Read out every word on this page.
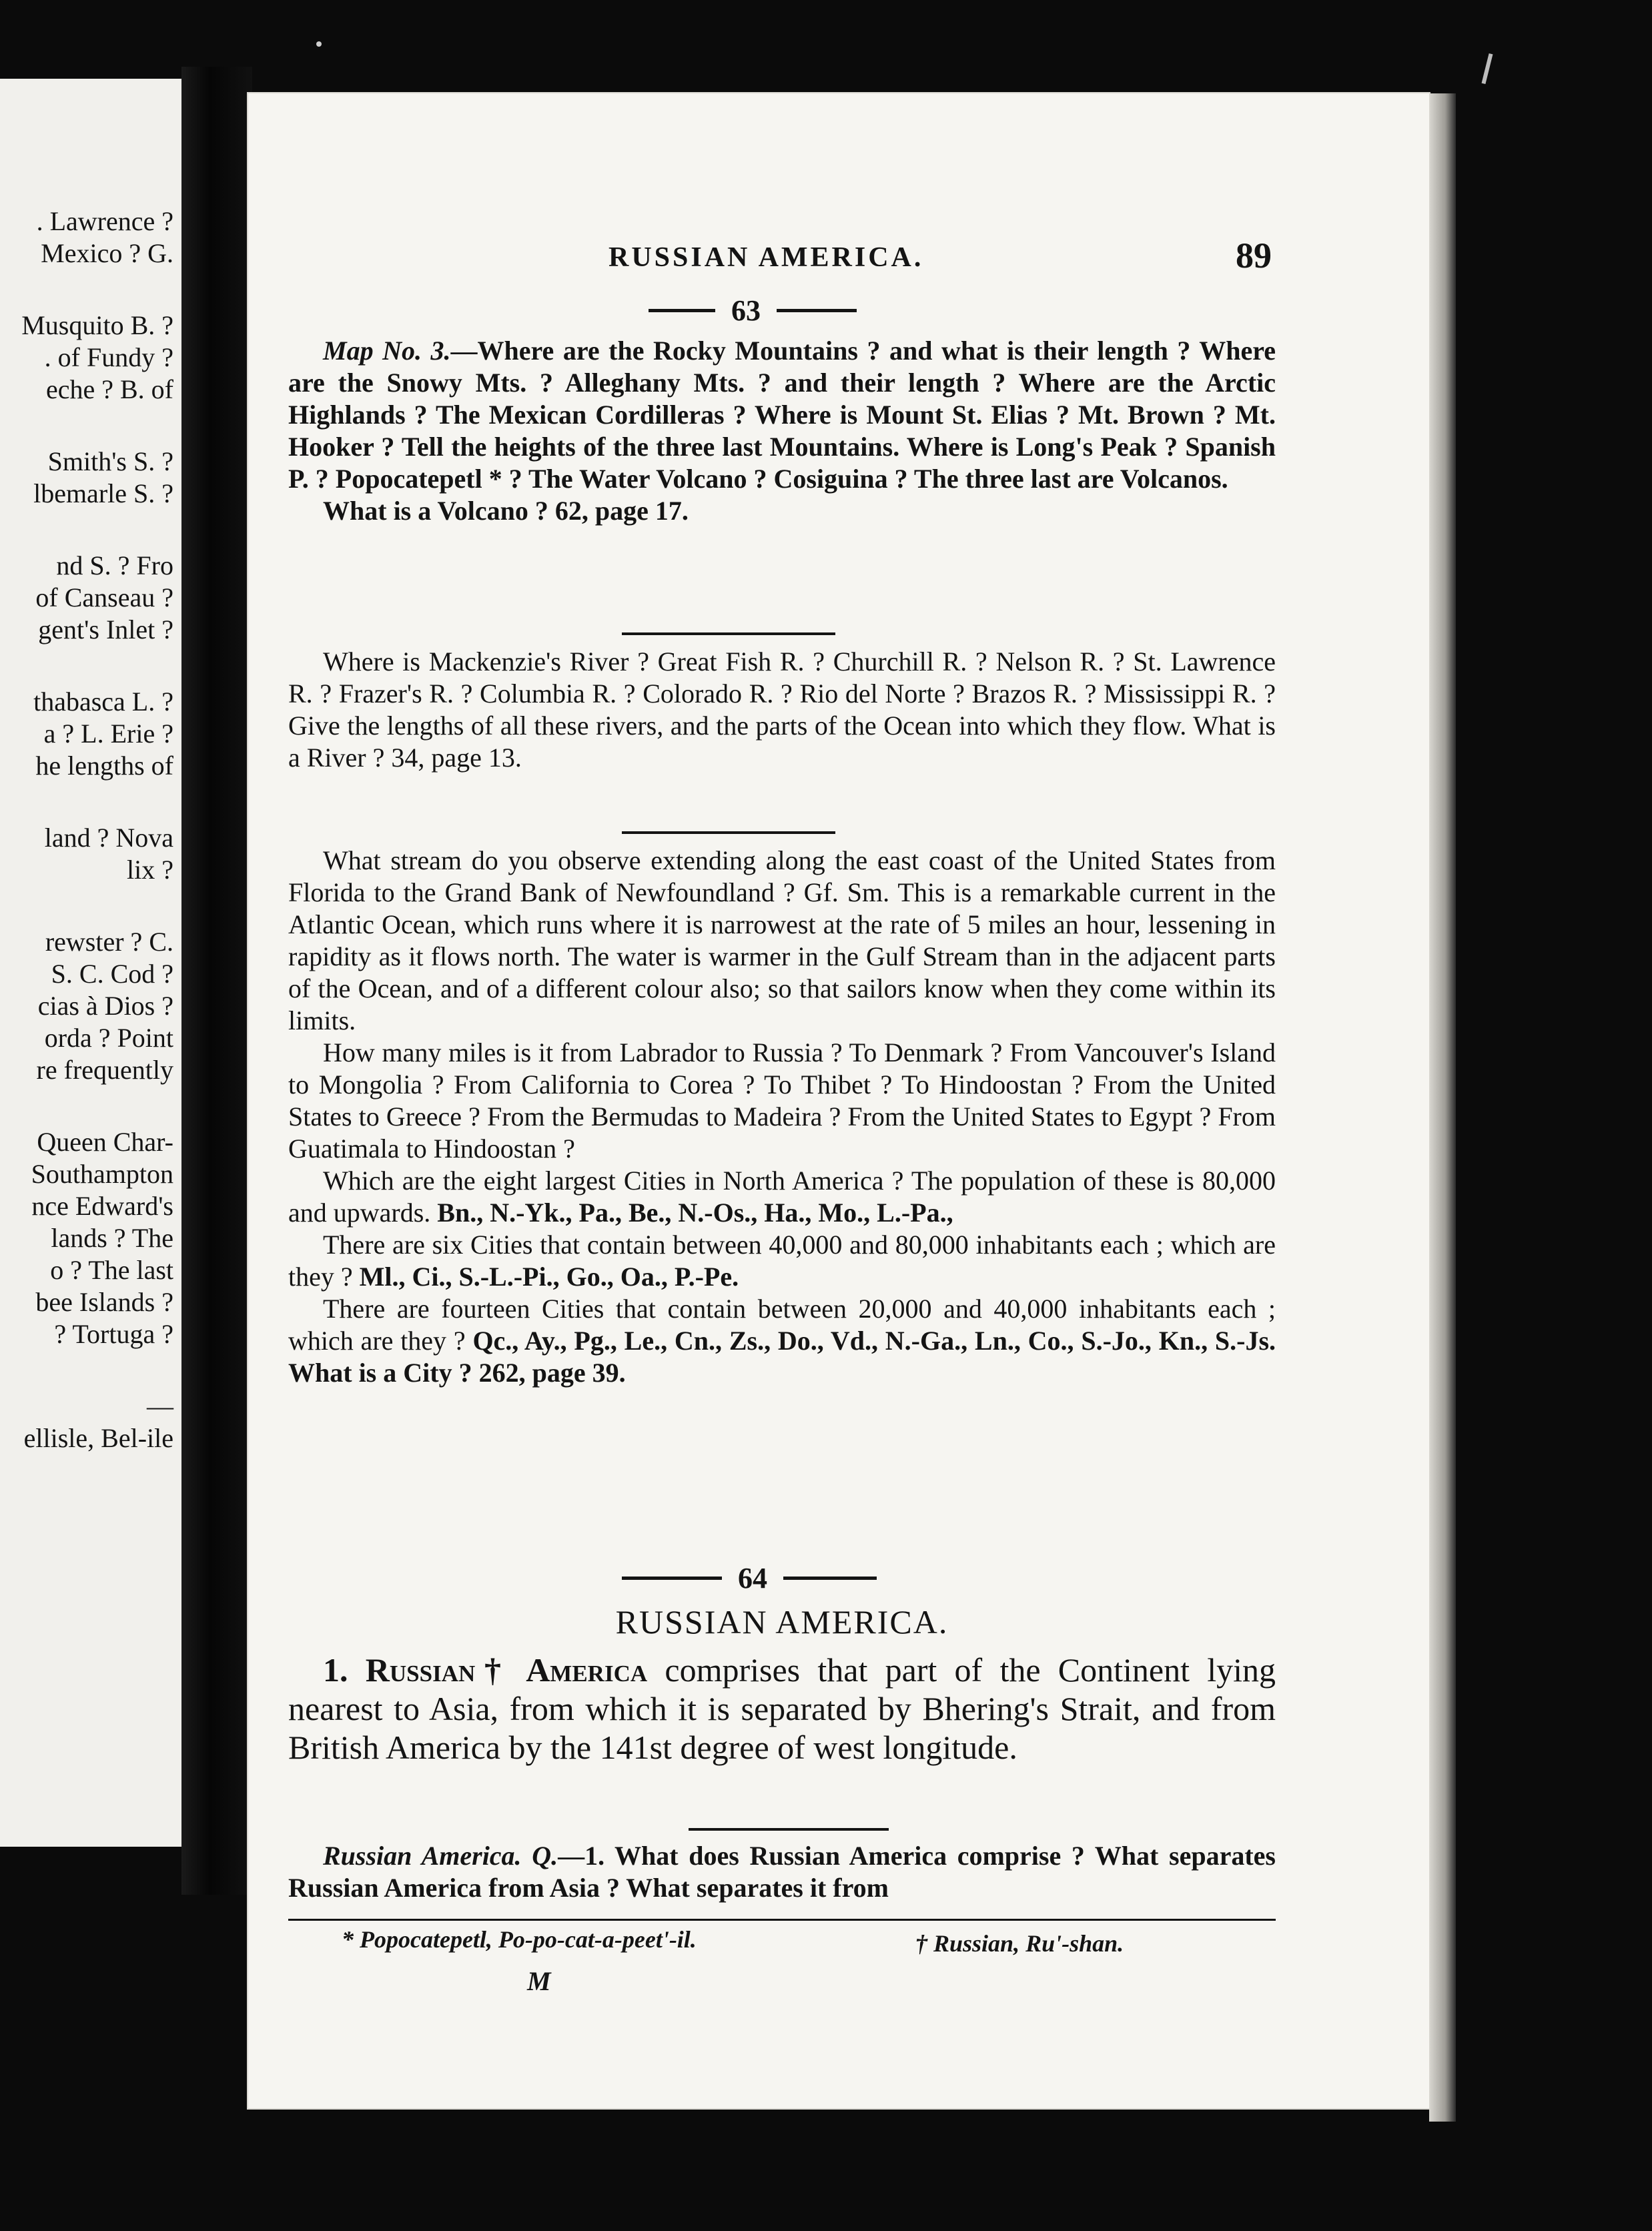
. Lawrence ?
Mexico ? G.
Musquito B. ?
. of Fundy ?
eche ? B. of
Smith's S. ?
lbemarle S. ?
nd S. ? Fro
of Canseau ?
gent's Inlet ?
thabasca L. ?
a ? L. Erie ?
he lengths of
land ? Nova
lix ?
rewster ? C.
S. C. Cod ?
cias à Dios ?
orda ? Point
re frequently
Queen Char-
Southampton
nce Edward's
lands ? The
o ? The last
bee Islands ?
? Tortuga ?
—
ellisle, Bel-ile
RUSSIAN AMERICA.	89
63

Map No. 3.—Where are the Rocky Mountains ? and what is their length ? Where are the Snowy Mts. ? Alleghany Mts. ? and their length ? Where are the Arctic Highlands ? The Mexican Cordilleras ? Where is Mount St. Elias ? Mt. Brown ? Mt. Hooker ? Tell the heights of the three last Mountains. Where is Long's Peak ? Spanish P. ? Popocatepetl * ? The Water Volcano ? Cosiguina ? The three last are Volcanos.

What is a Volcano ? 62, page 17.

Where is Mackenzie's River ? Great Fish R. ? Churchill R. ? Nelson R. ? St. Lawrence R. ? Frazer's R. ? Columbia R. ? Colorado R. ? Rio del Norte ? Brazos R. ? Mississippi R. ? Give the lengths of all these rivers, and the parts of the Ocean into which they flow. What is a River ? 34, page 13.

What stream do you observe extending along the east coast of the United States from Florida to the Grand Bank of Newfoundland ? Gf. Sm. This is a remarkable current in the Atlantic Ocean, which runs where it is narrowest at the rate of 5 miles an hour, lessening in rapidity as it flows north. The water is warmer in the Gulf Stream than in the adjacent parts of the Ocean, and of a different colour also; so that sailors know when they come within its limits.

How many miles is it from Labrador to Russia ? To Denmark ? From Vancouver's Island to Mongolia ? From California to Corea ? To Thibet ? To Hindoostan ? From the United States to Greece ? From the Bermudas to Madeira ? From the United States to Egypt ? From Guatimala to Hindoostan ?

Which are the eight largest Cities in North America ? The population of these is 80,000 and upwards. Bn., N.-Yk., Pa., Be., N.-Os., Ha., Mo., L.-Pa.,

There are six Cities that contain between 40,000 and 80,000 inhabitants each ; which are they ? Ml., Ci., S.-L.-Pi., Go., Oa., P.-Pe.

There are fourteen Cities that contain between 20,000 and 40,000 inhabitants each ; which are they ? Qc., Ay., Pg., Le., Cn., Zs., Do., Vd., N.-Ga., Ln., Co., S.-Jo., Kn., S.-Js. What is a City ? 262, page 39.

64
RUSSIAN AMERICA.

1. Russian† America comprises that part of the Continent lying nearest to Asia, from which it is separated by Bhering's Strait, and from British America by the 141st degree of west longitude.

Russian America. Q.—1. What does Russian America comprise ? What separates Russian America from Asia ? What separates it from

* Popocatepetl, Po-po-cat-a-peet'-il.	† Russian, Ru'-shan.
M
